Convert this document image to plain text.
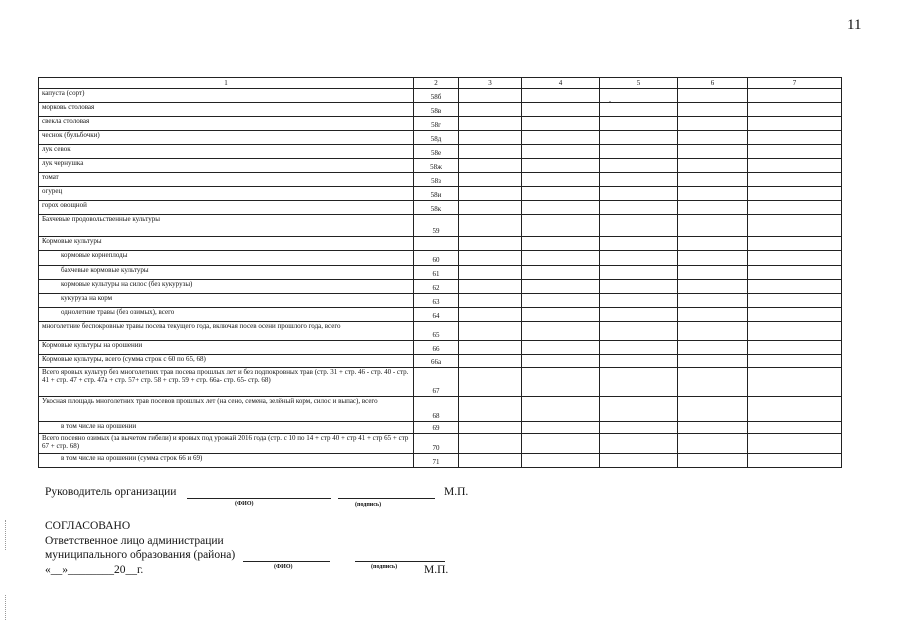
11
1	2	3	4	5	6	7
капуста (сорт)	58б					
морковь столовая	58в					
свекла столовая	58г					
чеснок (бульбочки)	58д					
лук севок	58е					
лук чернушка	58ж					
томат	58з					
огурец	58и					
горох овощной	58к					
Бахчевые продовольственные культуры	59					
Кормовые культуры						
кормовые корнеплоды	60					
бахчевые кормовые культуры	61					
кормовые культуры на силос (без кукурузы)	62					
кукуруза на корм	63					
однолетние травы (без озимых), всего	64					
многолетние беспокровные травы посева текущего года, включая посев осени прошлого года, всего	65					
Кормовые культуры на орошении	66					
Кормовые культуры, всего (сумма строк с 60 по 65, 68)	66а					
Всего яровых культур без многолетних трав посева прошлых лет и без подпокровных трав (стр. 31 + стр. 46 - стр. 40 - стр. 41 + стр. 47 + стр. 47а + стр. 57+ стр. 58 + стр. 59 + стр. 66а- стр. 65- стр. 68)	67					
Укосная площадь многолетних трав посевов прошлых лет (на сено, семена, зелёный корм, силос и выпас), всего	68					
в том числе на орошении	69					
Всего посеяно озимых (за вычетом гибели) и яровых под урожай 2016 года (стр. с 10 по 14 + стр 40 + стр 41 + стр 65 + стр 67 + стр. 68)	70					
в том числе на орошении (сумма строк 66 и 69)	71					
.
Руководитель организации	М.П.
(ФИО)	(подпись)
СОГЛАСОВАНО
Ответственное лицо администрации
муниципального образования (района)
«__»________20__г.	(ФИО)	(подпись) М.П.
